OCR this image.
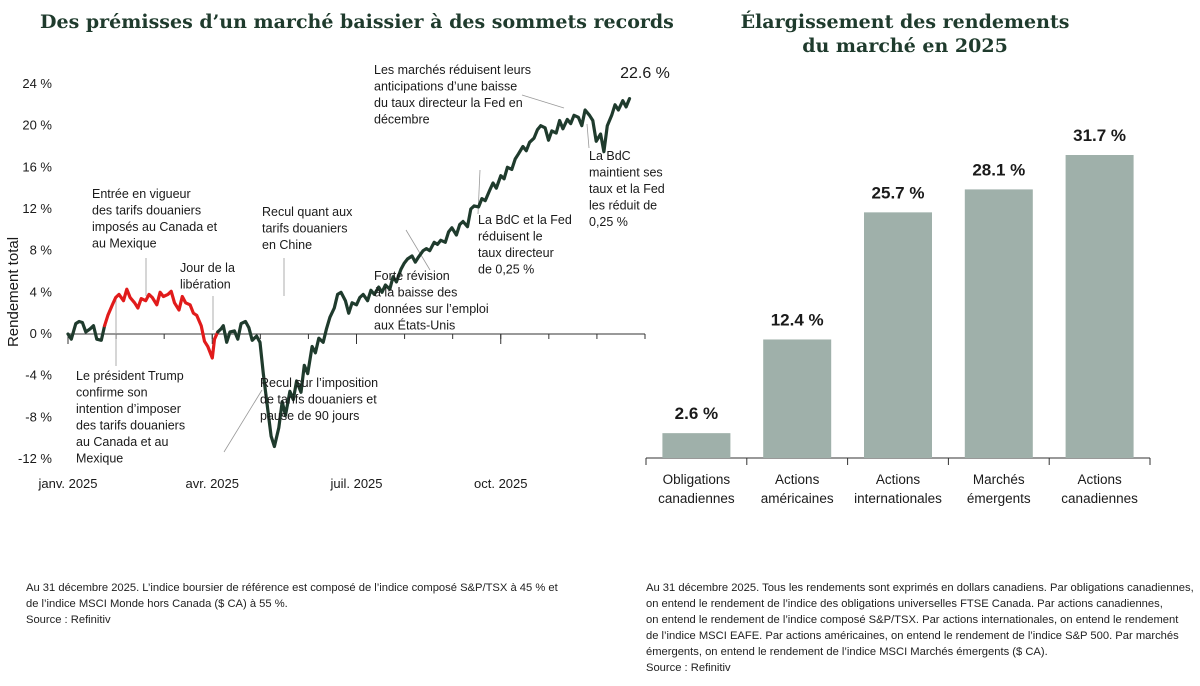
Des prémisses d’un marché baissier à des sommets records	Élargissement des rendements
du marché en 2025
24 %
20 %
16 %
12 %
8 %
4 %
0 %
-4 %
-8 %
-12 %
Rendement total
janv. 2025	avr. 2025	juil. 2025	oct. 2025
22.6 %
Entrée en vigueur des tarifs douaniers imposés au Canada et au Mexique
Jour de la libération
Recul quant aux tarifs douaniers en Chine
Le président Trump confirme son intention d’imposer des tarifs douaniers au Canada et au Mexique
Recul sur l’imposition de tarifs douaniers et pause de 90 jours
Forte révision à la baisse des données sur l’emploi aux États-Unis
La BdC et la Fed réduisent le taux directeur de 0,25 %
Les marchés réduisent leurs anticipations d’une baisse du taux directeur la Fed en décembre
La BdC maintient ses taux et la Fed les réduit de 0,25 %
2.6 %
Obligations canadiennes
12.4 %
Actions américaines
25.7 %
Actions internationales
28.1 %
Marchés émergents
31.7 %
Actions canadiennes
Au 31 décembre 2025. L’indice boursier de référence est composé de l’indice composé S&P/TSX à 45 % et
de l’indice MSCI Monde hors Canada ($ CA) à 55 %.
Source : Refinitiv
Au 31 décembre 2025. Tous les rendements sont exprimés en dollars canadiens. Par obligations canadiennes,
on entend le rendement de l’indice des obligations universelles FTSE Canada. Par actions canadiennes,
on entend le rendement de l’indice composé S&P/TSX. Par actions internationales, on entend le rendement
de l’indice MSCI EAFE. Par actions américaines, on entend le rendement de l’indice S&P 500. Par marchés
émergents, on entend le rendement de l’indice MSCI Marchés émergents ($ CA).
Source : Refinitiv
